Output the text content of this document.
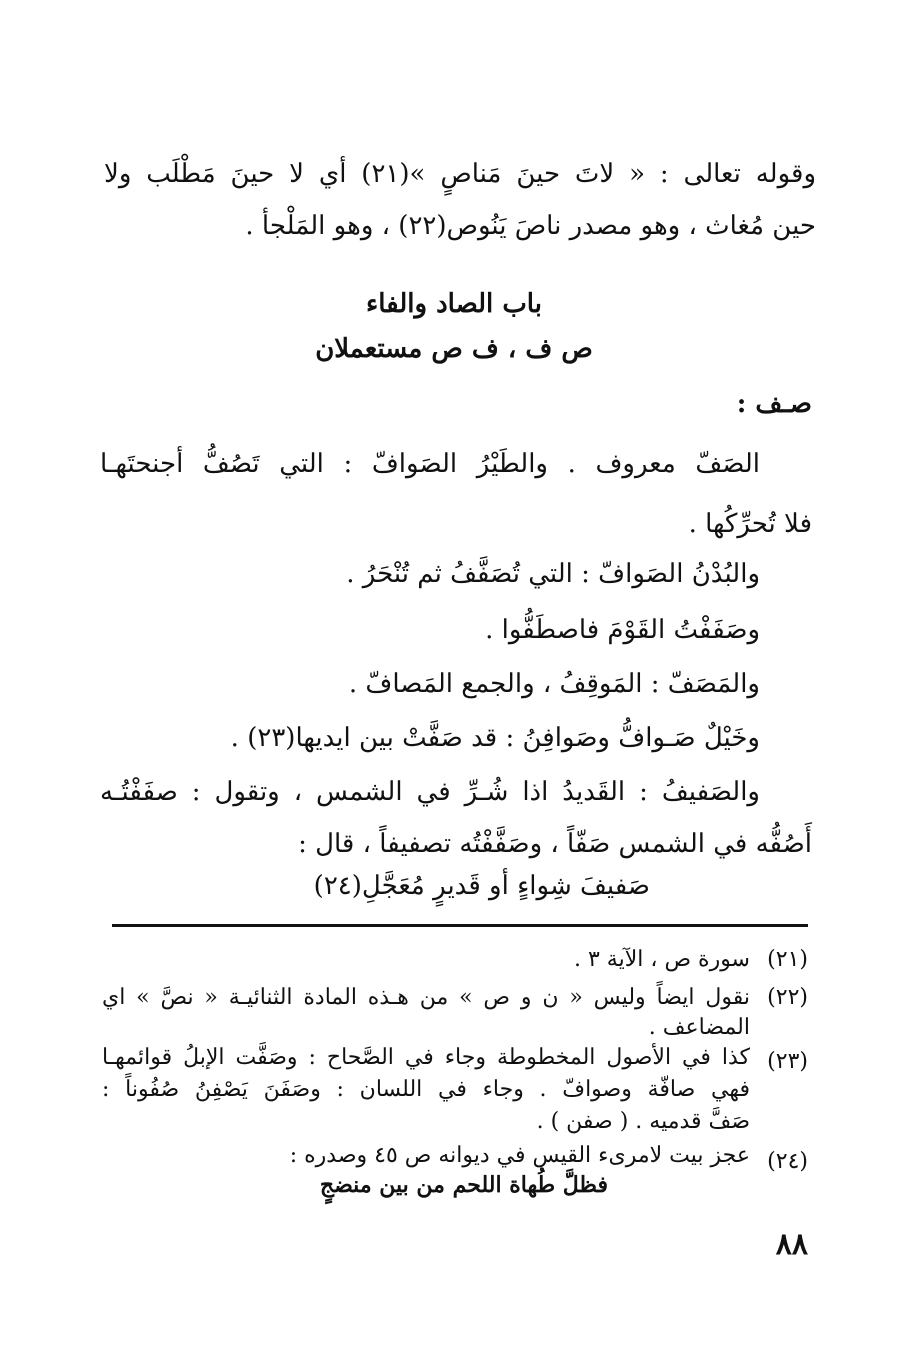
وقوله تعالى : « لاتَ حينَ مَناصٍ »(٢١) أي لا حينَ مَطْلَب ولا
حين مُغاث ، وهو مصدر ناصَ يَنُوص(٢٢) ، وهو المَلْجأ .
باب الصاد والفاء
ص ف ، ف ص مستعملان
صـف :
الصَفّ معروف . والطَيْرُ الصَوافّ : التي تَصُفُّ أجنحتَهـا
فلا تُحرِّكُها .
والبُدْنُ الصَوافّ : التي تُصَفَّفُ ثم تُنْحَرُ .
وصَفَفْتُ القَوْمَ فاصطَفُّوا .
والمَصَفّ : المَوقِفُ ، والجمع المَصافّ .
وخَيْلٌ صَـوافُّ وصَوافِنُ : قد صَفَّتْ بين ايديها(٢٣) .
والصَفيفُ : القَديدُ اذا شُـرِّ في الشمس ، وتقول : صفَفْتُـه
أَصُفُّه في الشمس صَفّاً ، وصَفَّفْتُه تصفيفاً ، قال :
صَفيفَ شِواءٍ أو قَديرٍ مُعَجَّلِ(٢٤)
(٢١)
سورة ص ، الآية ٣ .
(٢٢)
نقول ايضاً وليس « ن و ص » من هـذه المادة الثنائيـة « نصَّ » اي
المضاعف .
(٢٣)
كذا في الأصول المخطوطة وجاء في الصَّحاح : وصَفَّت الإبلُ قوائمهـا
فهي صافّة وصوافّ . وجاء في اللسان : وصَفَنَ يَصْفِنُ صُفُوناً :
صَفَّ قدميه . ( صفن ) .
(٢٤)
عجز بيت لامرىء القيس في ديوانه ص ٤٥ وصدره :
فظلَّ طُهاة اللحم من بين منضجٍ
٨٨
